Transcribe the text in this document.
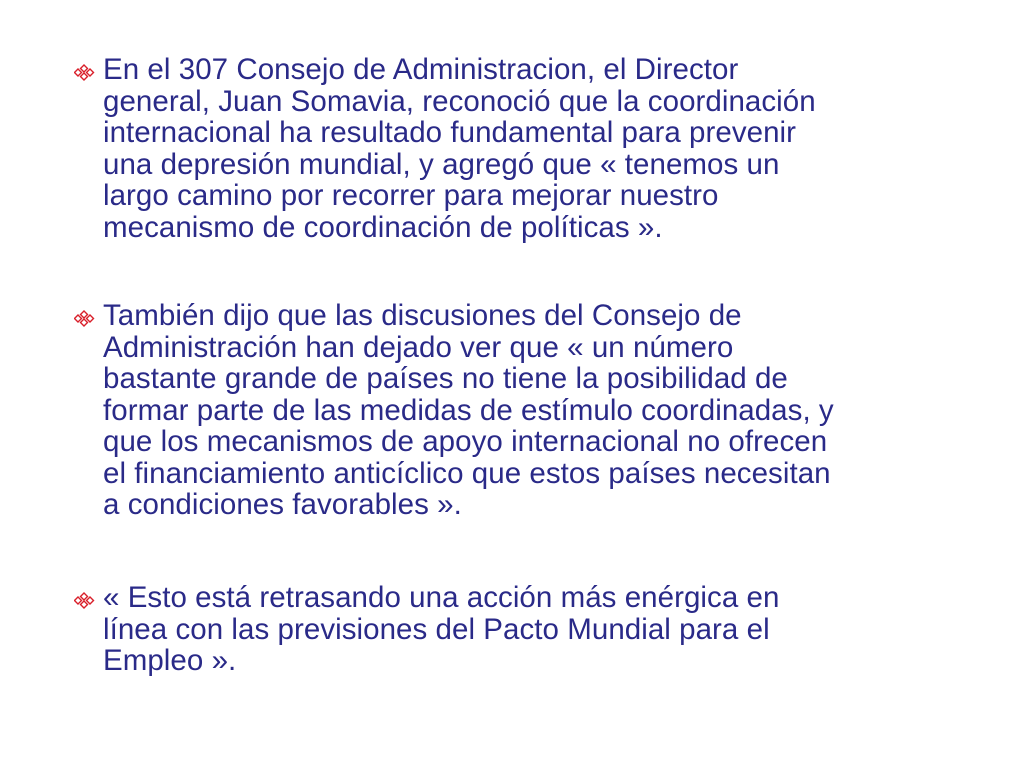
En el 307 Consejo de Administracion, el Director
general, Juan Somavia, reconoció que la coordinación
internacional ha resultado fundamental para prevenir
una depresión mundial, y agregó que « tenemos un
largo camino por recorrer para mejorar nuestro
mecanismo de coordinación de políticas ».

También dijo que las discusiones del Consejo de
Administración han dejado ver que « un número
bastante grande de países no tiene la posibilidad de
formar parte de las medidas de estímulo coordinadas, y
que los mecanismos de apoyo internacional no ofrecen
el financiamiento anticíclico que estos países necesitan
a condiciones favorables ».

« Esto está retrasando una acción más enérgica en
línea con las previsiones del Pacto Mundial para el
Empleo ».
